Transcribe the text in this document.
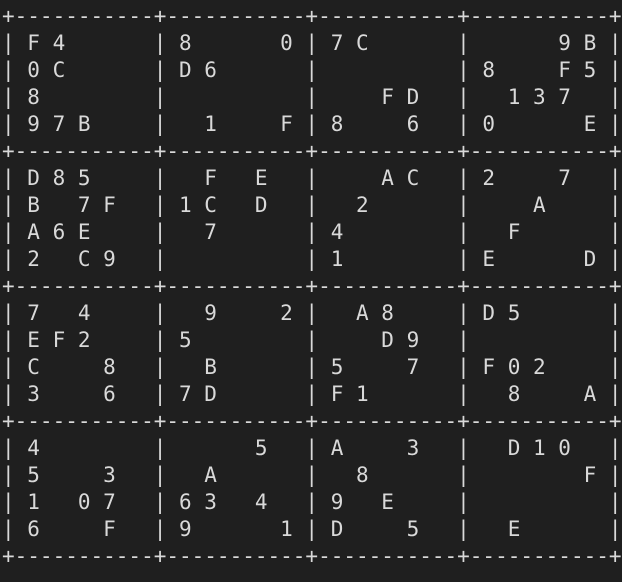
+-----------+-----------+-----------+-----------+
| F 4       | 8       0 | 7 C       |       9 B |
| 0 C       | D 6       |           | 8     F 5 |
| 8         |           |     F D   |   1 3 7   |
| 9 7 B     |   1     F | 8     6   | 0       E |
+-----------+-----------+-----------+-----------+
| D 8 5     |   F   E   |     A C   | 2     7   |
| B   7 F   | 1 C   D   |   2       |     A     |
| A 6 E     |   7       | 4         |   F       |
| 2   C 9   |           | 1         | E       D |
+-----------+-----------+-----------+-----------+
| 7   4     |   9     2 |   A 8     | D 5       |
| E F 2     | 5         |     D 9   |           |
| C     8   |   B       | 5     7   | F 0 2     |
| 3     6   | 7 D       | F 1       |   8     A |
+-----------+-----------+-----------+-----------+
| 4         |       5   | A     3   |   D 1 0   |
| 5     3   |   A       |   8       |         F |
| 1   0 7   | 6 3   4   | 9   E     |           |
| 6     F   | 9       1 | D     5   |   E       |
+-----------+-----------+-----------+-----------+
